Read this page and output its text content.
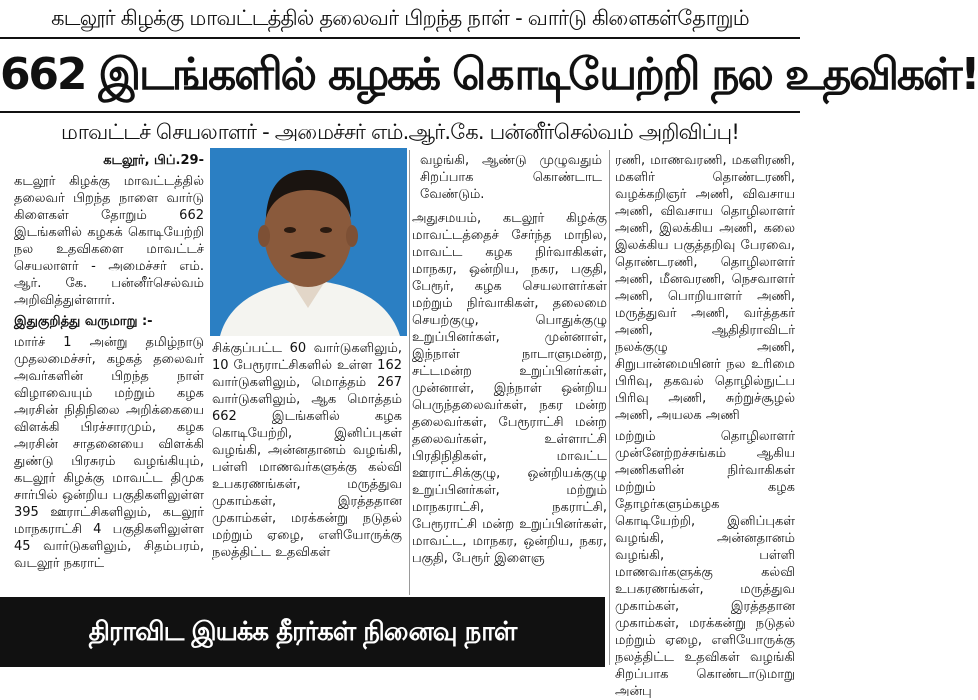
கடலூர் கிழக்கு மாவட்டத்தில் தலைவர் பிறந்த நாள் - வார்டு கிளைகள்தோறும்
662 இடங்களில் கழகக் கொடியேற்றி நல உதவிகள்!
மாவட்டச் செயலாளர் - அமைச்சர் எம்.ஆர்.கே. பன்னீர்செல்வம் அறிவிப்பு!

கடலூர், பிப்.29-

கடலூர் கிழக்கு மாவட்டத்தில் தலைவர் பிறந்த நாளை வார்டு கிளைகள் தோறும் 662 இடங்களில் கழகக் கொடியேற்றி நல உதவிகளை மாவட்டச் செயலாளர் - அமைச்சர் எம். ஆர். கே. பன்னீர்செல்வம் அறிவித்துள்ளார்.

இதுகுறித்து வருமாறு :-

மார்ச் 1 அன்று தமிழ்நாடு முதலமைச்சர், கழகத் தலைவர் அவர்களின் பிறந்த நாள் விழாவையும் மற்றும் கழக அரசின் நிதிநிலை அறிக்கையை விளக்கி பிரச்சாரமும், கழக அரசின் சாதனையை விளக்கி துண்டு பிரசுரம் வழங்கியும், கடலூர் கிழக்கு மாவட்ட திமுக சார்பில் ஒன்றிய பகுதிகளிலுள்ள 395 ஊராட்சிகளிலும், கடலூர் மாநகராட்சி 4 பகுதிகளிலுள்ள 45 வார்டுகளிலும், சிதம்பரம், வடலூர் நகராட்

வழங்கி, ஆண்டு முழுவதும் சிறப்பாக கொண்டாட வேண்டும்.

சிக்குப்பட்ட 60 வார்டுகளிலும், 10 பேரூராட்சிகளில் உள்ள 162 வார்டுகளிலும், மொத்தம் 267 வார்டுகளிலும், ஆக மொத்தம் 662 இடங்களில் கழக கொடியேற்றி, இனிப்புகள் வழங்கி, அன்னதானம் வழங்கி, பள்ளி மாணவர்களுக்கு கல்வி உபகரணங்கள், மருத்துவ முகாம்கள், இரத்ததான முகாம்கள், மரக்கன்று நடுதல் மற்றும் ஏழை, எளியோருக்கு நலத்திட்ட உதவிகள்

அதுசமயம், கடலூர் கிழக்கு மாவட்டத்தைச் சேர்ந்த மாநில, மாவட்ட கழக நிர்வாகிகள், மாநகர, ஒன்றிய, நகர, பகுதி, பேரூர், கழக செயலாளர்கள் மற்றும் நிர்வாகிகள், தலைமை செயற்குழு, பொதுக்குழு உறுப்பினர்கள், முன்னாள், இந்நாள் நாடாளுமன்ற, சட்டமன்ற உறுப்பினர்கள், முன்னாள், இந்நாள் ஒன்றிய பெருந்தலைவர்கள், நகர மன்ற தலைவர்கள், பேரூராட்சி மன்ற தலைவர்கள், உள்ளாட்சி பிரதிநிதிகள், மாவட்ட ஊராட்சிக்குழு, ஒன்றியக்குழு உறுப்பினர்கள், மற்றும் மாநகராட்சி, நகராட்சி, பேரூராட்சி மன்ற உறுப்பினர்கள், மாவட்ட, மாநகர, ஒன்றிய, நகர, பகுதி, பேரூர் இளைஞ

ரணி, மாணவரணி, மகளிரணி, மகளிர் தொண்டரணி, வழக்கறிஞர் அணி, விவசாய அணி, விவசாய தொழிலாளர் அணி, இலக்கிய அணி, கலை இலக்கிய பகுத்தறிவு பேரவை, தொண்டரணி, தொழிலாளர் அணி, மீனவரணி, நெசவாளர் அணி, பொறியாளர் அணி, மருத்துவர் அணி, வர்த்தகர் அணி, ஆதிதிராவிடர் நலக்குழு அணி, சிறுபான்மையினர் நல உரிமை பிரிவு, தகவல் தொழில்நுட்ப பிரிவு அணி, சுற்றுச்சூழல் அணி, அயலக அணி

மற்றும் தொழிலாளர் முன்னேற்றச்சங்கம் ஆகிய அணிகளின் நிர்வாகிகள் மற்றும் கழக தோழர்களும்கழக கொடியேற்றி, இனிப்புகள் வழங்கி, அன்னதானம் வழங்கி, பள்ளி மாணவர்களுக்கு கல்வி உபகரணங்கள், மருத்துவ முகாம்கள், இரத்ததான முகாம்கள், மரக்கன்று நடுதல் மற்றும் ஏழை, எளியோருக்கு நலத்திட்ட உதவிகள் வழங்கி சிறப்பாக கொண்டாடுமாறு அன்பு

திராவிட இயக்க தீரர்கள் நினைவு நாள்
